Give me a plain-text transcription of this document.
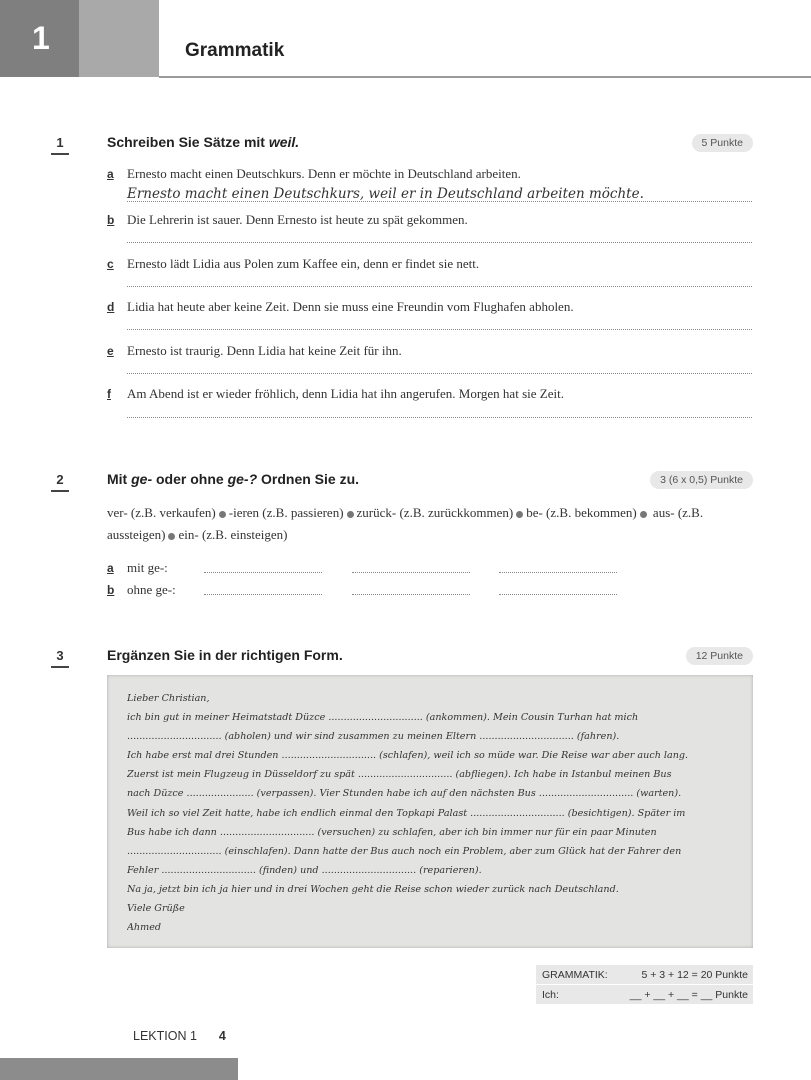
1	Grammatik
1	Schreiben Sie Sätze mit weil.	5 Punkte
a Ernesto macht einen Deutschkurs. Denn er möchte in Deutschland arbeiten.
Ernesto macht einen Deutschkurs, weil er in Deutschland arbeiten möchte.
b Die Lehrerin ist sauer. Denn Ernesto ist heute zu spät gekommen.
c Ernesto lädt Lidia aus Polen zum Kaffee ein, denn er findet sie nett.
d Lidia hat heute aber keine Zeit. Denn sie muss eine Freundin vom Flughafen abholen.
e Ernesto ist traurig. Denn Lidia hat keine Zeit für ihn.
f Am Abend ist er wieder fröhlich, denn Lidia hat ihn angerufen. Morgen hat sie Zeit.
2	Mit ge- oder ohne ge-? Ordnen Sie zu.	3 (6 x 0,5) Punkte
ver- (z.B. verkaufen) -ieren (z.B. passieren) zurück- (z.B. zurückkommen) be- (z.B. bekommen) aus- (z.B. aussteigen) ein- (z.B. einsteigen)
a mit ge-:
b ohne ge-:
3	Ergänzen Sie in der richtigen Form.	12 Punkte

Lieber Christian,

ich bin gut in meiner Heimatstadt Düzce ............................... (ankommen). Mein Cousin Turhan hat mich

............................... (abholen) und wir sind zusammen zu meinen Eltern ............................... (fahren).

Ich habe erst mal drei Stunden ............................... (schlafen), weil ich so müde war. Die Reise war aber auch lang.

Zuerst ist mein Flugzeug in Düsseldorf zu spät ............................... (abfliegen). Ich habe in Istanbul meinen Bus

nach Düzce ...................... (verpassen). Vier Stunden habe ich auf den nächsten Bus ............................... (warten).

Weil ich so viel Zeit hatte, habe ich endlich einmal den Topkapi Palast ............................... (besichtigen). Später im

Bus habe ich dann ............................... (versuchen) zu schlafen, aber ich bin immer nur für ein paar Minuten

............................... (einschlafen). Dann hatte der Bus auch noch ein Problem, aber zum Glück hat der Fahrer den

Fehler ............................... (finden) und ............................... (reparieren).

Na ja, jetzt bin ich ja hier und in drei Wochen geht die Reise schon wieder zurück nach Deutschland.

Viele Grüße

Ahmed

GRAMMATIK:	5 + 3 + 12 = 20 Punkte
Ich:	__ + __ + __ = __ Punkte
LEKTION 1 4
